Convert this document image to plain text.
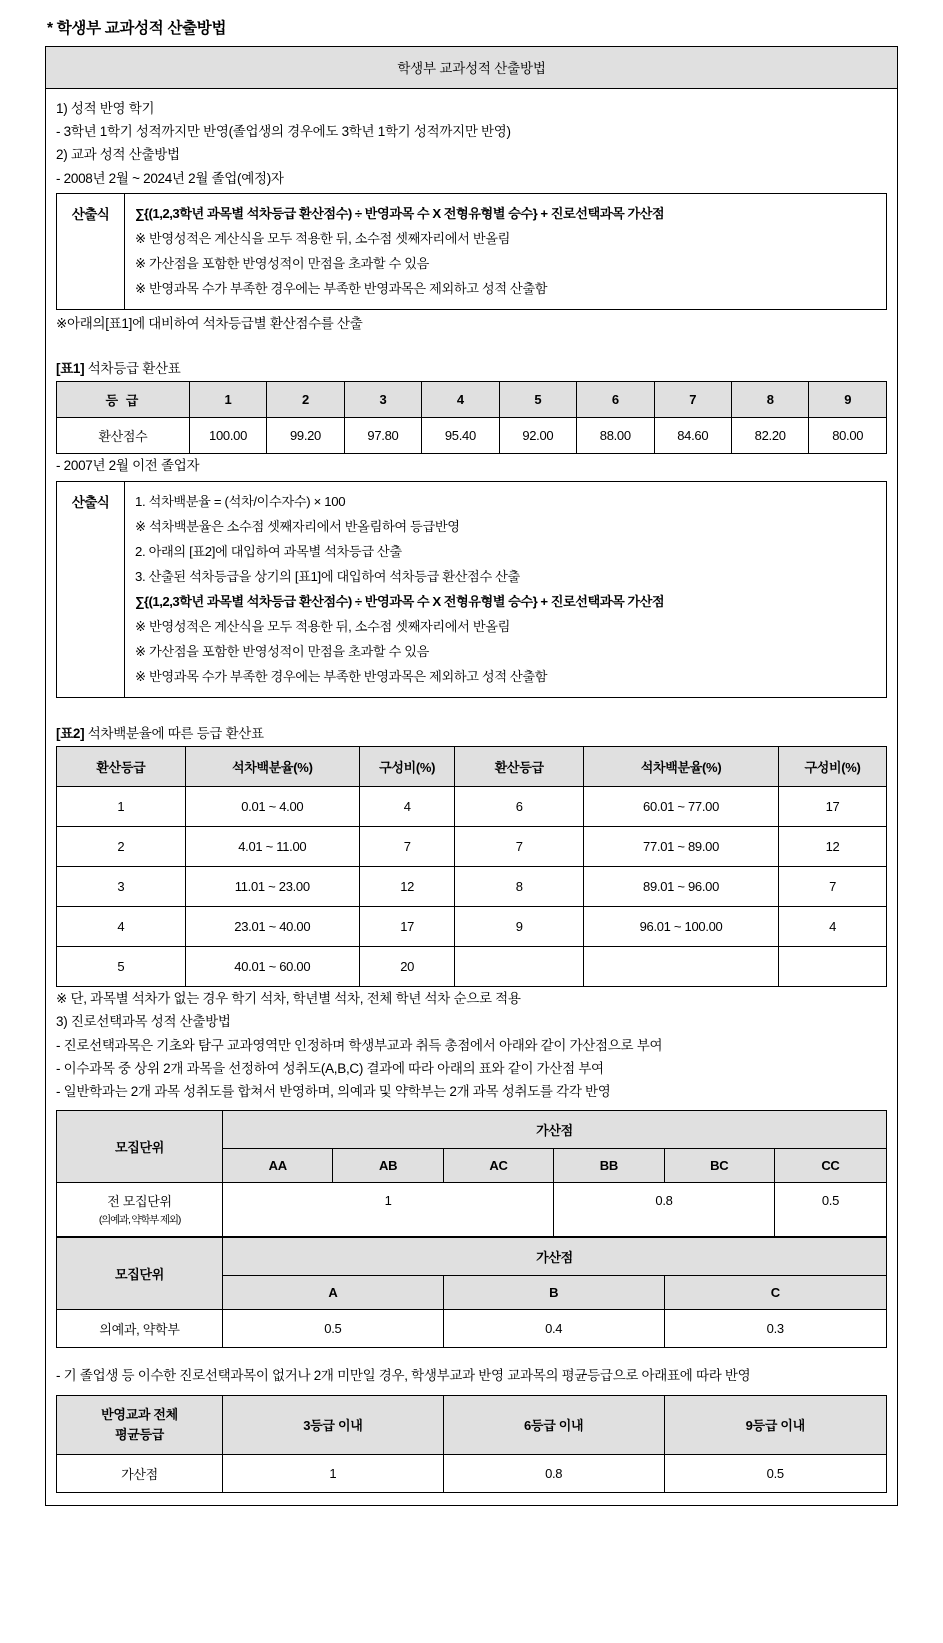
* 학생부 교과성적 산출방법
학생부 교과성적 산출방법
1) 성적 반영 학기
- 3학년 1학기 성적까지만 반영(졸업생의 경우에도 3학년 1학기 성적까지만 반영)
2) 교과 성적 산출방법
- 2008년 2월 ~ 2024년 2월 졸업(예정)자
산출식	∑{(1,2,3학년 과목별 석차등급 환산점수) ÷ 반영과목 수 X 전형유형별 승수} + 진로선택과목 가산점
※ 반영성적은 계산식을 모두 적용한 뒤, 소수점 셋째자리에서 반올림
※ 가산점을 포함한 반영성적이 만점을 초과할 수 있음
※ 반영과목 수가 부족한 경우에는 부족한 반영과목은 제외하고 성적 산출함
※아래의[표1]에 대비하여 석차등급별 환산점수를 산출
[표1] 석차등급 환산표
등 급	1	2	3	4	5	6	7	8	9
환산점수	100.00	99.20	97.80	95.40	92.00	88.00	84.60	82.20	80.00
- 2007년 2월 이전 졸업자
산출식	1. 석차백분율 = (석차/이수자수) × 100
※ 석차백분율은 소수점 셋째자리에서 반올림하여 등급반영
2. 아래의 [표2]에 대입하여 과목별 석차등급 산출
3. 산출된 석차등급을 상기의 [표1]에 대입하여 석차등급 환산점수 산출
∑{(1,2,3학년 과목별 석차등급 환산점수) ÷ 반영과목 수 X 전형유형별 승수} + 진로선택과목 가산점
※ 반영성적은 계산식을 모두 적용한 뒤, 소수점 셋째자리에서 반올림
※ 가산점을 포함한 반영성적이 만점을 초과할 수 있음
※ 반영과목 수가 부족한 경우에는 부족한 반영과목은 제외하고 성적 산출함
[표2] 석차백분율에 따른 등급 환산표
환산등급	석차백분율(%)	구성비(%)	환산등급	석차백분율(%)	구성비(%)
1	0.01 ~ 4.00	4	6	60.01 ~ 77.00	17
2	4.01 ~ 11.00	7	7	77.01 ~ 89.00	12
3	11.01 ~ 23.00	12	8	89.01 ~ 96.00	7
4	23.01 ~ 40.00	17	9	96.01 ~ 100.00	4
5	40.01 ~ 60.00	20			
※ 단, 과목별 석차가 없는 경우 학기 석차, 학년별 석차, 전체 학년 석차 순으로 적용
3) 진로선택과목 성적 산출방법
- 진로선택과목은 기초와 탐구 교과영역만 인정하며 학생부교과 취득 총점에서 아래와 같이 가산점으로 부여
- 이수과목 중 상위 2개 과목을 선정하여 성취도(A,B,C) 결과에 따라 아래의 표와 같이 가산점 부여
- 일반학과는 2개 과목 성취도를 합쳐서 반영하며, 의예과 및 약학부는 2개 과목 성취도를 각각 반영
모집단위	가산점					
	AA	AB	AC	BB	BC	CC
전 모집단위
(의예과, 약학부 제외)	1			0.8		0.5
모집단위	가산점		
	A	B	C
의예과, 약학부	0.5	0.4	0.3
- 기 졸업생 등 이수한 진로선택과목이 없거나 2개 미만일 경우, 학생부교과 반영 교과목의 평균등급으로 아래표에 따라 반영
반영교과 전체
평균등급	3등급 이내	6등급 이내	9등급 이내
가산점	1	0.8	0.5
